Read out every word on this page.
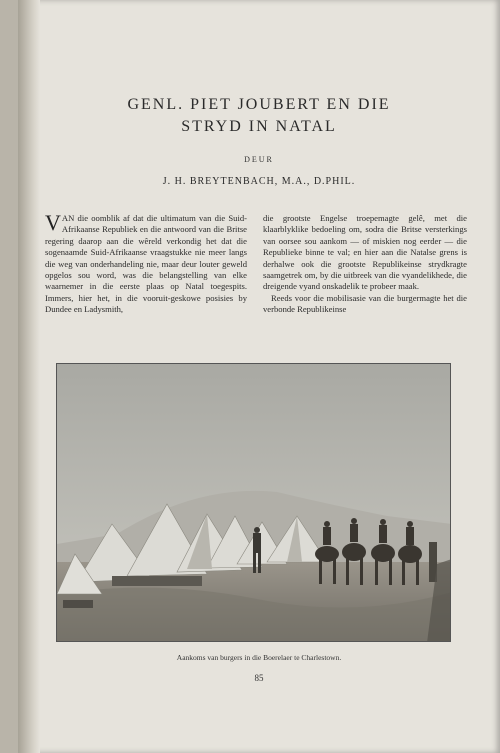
GENL. PIET JOUBERT EN DIE
STRYD IN NATAL
DEUR
J. H. BREYTENBACH, M.A., D.PHIL.

VAN die oomblik af dat die ultimatum van die Suid-Afrikaanse Republiek en die antwoord van die Britse regering daarop aan die wêreld verkondig het dat die sogenaamde Suid-Afrikaanse vraagstukke nie meer langs die weg van onderhandeling nie, maar deur louter geweld opgelos sou word, was die belangstelling van elke waarnemer in die eerste plaas op Natal toegespits. Immers, hier het, in die vooruit-geskowe posisies by Dundee en Ladysmith,

die grootste Engelse troepemagte gelê, met die klaarblyklike bedoeling om, sodra die Britse versterkings van oorsee sou aankom — of miskien nog eerder — die Republieke binne te val; en hier aan die Natalse grens is derhalwe ook die grootste Republikeinse strydkragte saamgetrek om, by die uitbreek van die vyandelikhede, die dreigende vyand onskadelik te probeer maak.

Reeds voor die mobilisasie van die burgermagte het die verbonde Republikeinse

Aankoms van burgers in die Boerelaer te Charlestown.
85
